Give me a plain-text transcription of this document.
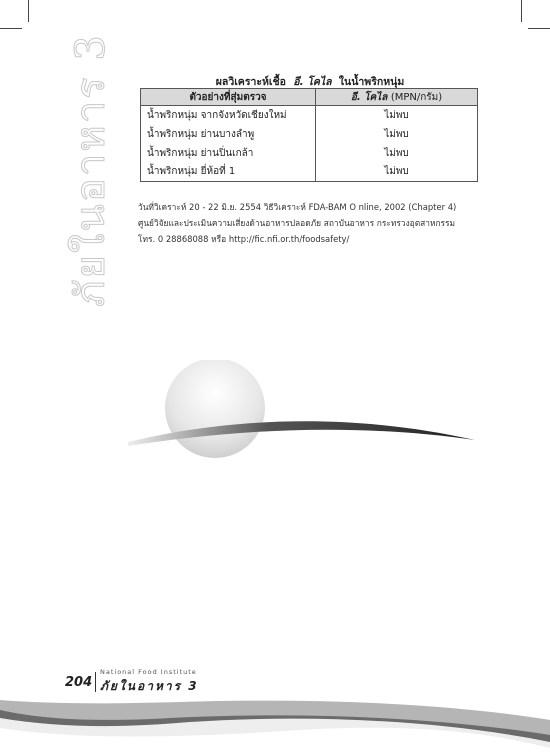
ภัยในอาหาร 3	ผลวิเคราะห์เชื้อ อี. โคไล ในน้ำพริกหนุ่ม
ตัวอย่างที่สุ่มตรวจ	อี. โคไล (MPN/กรัม)
น้ำพริกหนุ่ม จากจังหวัดเชียงใหม่	ไม่พบ
น้ำพริกหนุ่ม ย่านบางลำพู	ไม่พบ
น้ำพริกหนุ่ม ย่านปิ่นเกล้า	ไม่พบ
น้ำพริกหนุ่ม ยี่ห้อที่ 1	ไม่พบ
วันที่วิเคราะห์ 20 - 22 มิ.ย. 2554 วิธีวิเคราะห์ FDA-BAM O nline, 2002 (Chapter 4)
ศูนย์วิจัยและประเมินความเสี่ยงด้านอาหารปลอดภัย สถาบันอาหาร กระทรวงอุตสาหกรรม
โทร. 0 28868088 หรือ http://fic.nfi.or.th/foodsafety/
204
National Food Institute
ภัยในอาหาร 3
